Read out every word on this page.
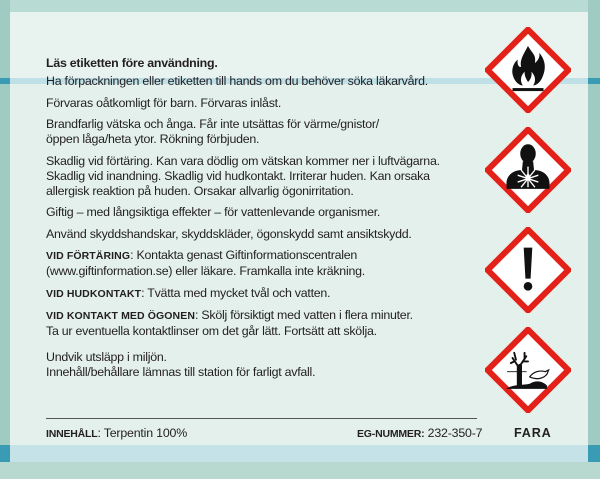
Läs etiketten före användning.

Ha förpackningen eller etiketten till hands om du behöver söka läkarvård.

Förvaras oåtkomligt för barn. Förvaras inlåst.

Brandfarlig vätska och ånga. Får inte utsättas för värme/gnistor/
öppen låga/heta ytor. Rökning förbjuden.

Skadlig vid förtäring. Kan vara dödlig om vätskan kommer ner i luftvägarna.
Skadlig vid inandning. Skadlig vid hudkontakt. Irriterar huden. Kan orsaka
allergisk reaktion på huden. Orsakar allvarlig ögonirritation.

Giftig – med långsiktiga effekter – för vattenlevande organismer.

Använd skyddshandskar, skyddskläder, ögonskydd samt ansiktskydd.

VID FÖRTÄRING: Kontakta genast Giftinformationscentralen
(www.giftinformation.se) eller läkare. Framkalla inte kräkning.

VID HUDKONTAKT: Tvätta med mycket tvål och vatten.

VID KONTAKT MED ÖGONEN: Skölj försiktigt med vatten i flera minuter.
Ta ur eventuella kontaktlinser om det går lätt. Fortsätt att skölja.

Undvik utsläpp i miljön.
Innehåll/behållare lämnas till station för farligt avfall.

INNEHÅLL: Terpentin 100%	EG-NUMMER: 232-350-7	FARA
